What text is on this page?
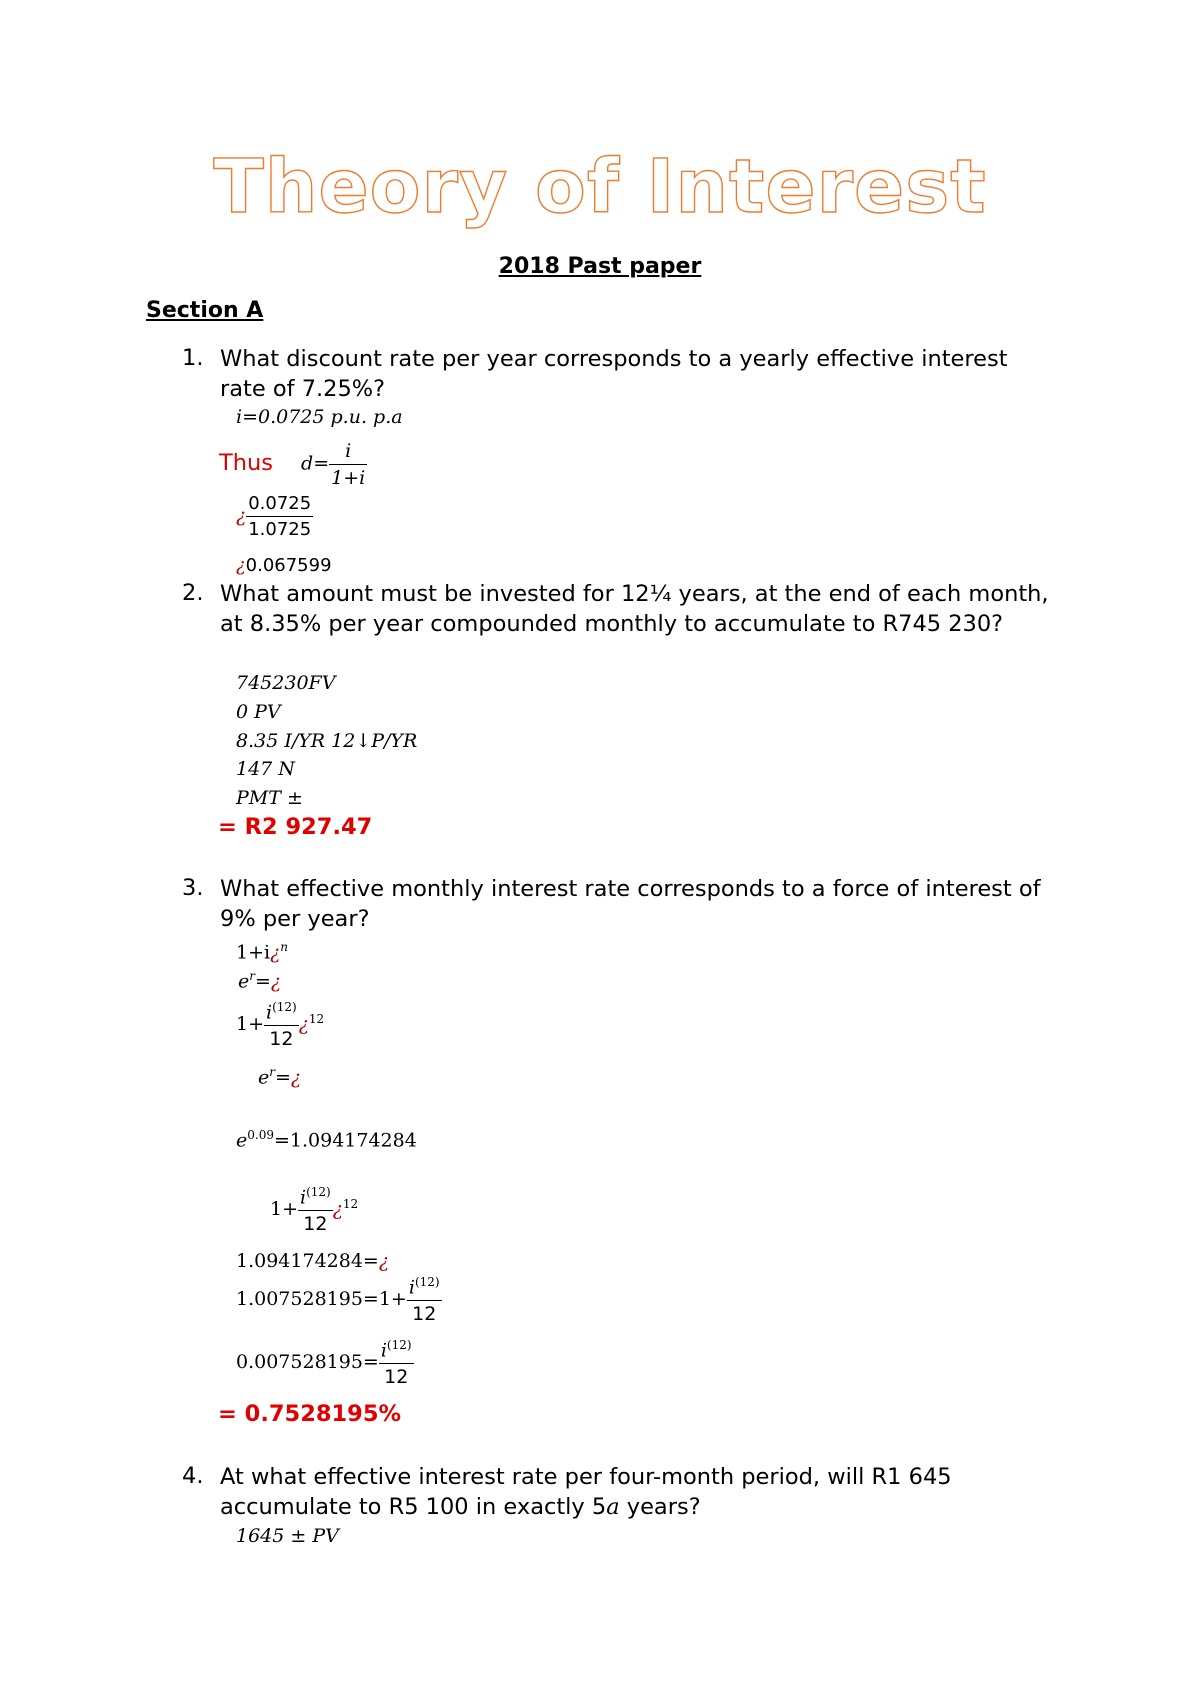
Theory of Interest
2018 Past paper
Section A
1. What discount rate per year corresponds to a yearly effective interest rate of 7.25%?
i=0.0725 p.u. p.a
Thus $d= \frac{i}{1+i}$
¿ $\frac{0.0725}{1.0725}$
¿0.067599
2. What amount must be invested for 12¼ years, at the end of each month, at 8.35% per year compounded monthly to accumulate to R745 230?
745230FV
0 PV
8.35 I/YR 12↓P/YR
147 N
PMT ±
= R2 927.47
3. What effective monthly interest rate corresponds to a force of interest of 9% per year?
1+i¿$^n$
$e^r=¿$
$1+ \frac{i^{(12)}}{12}$ ¿$^{12}$
$e^r=¿$
$e^{0.09}=1.094174284$
$1+ \frac{i^{(12)}}{12}$ ¿$^{12}$
1.094174284=¿
$1.007528195=1+ \frac{i^{(12)}}{12}$
$0.007528195= \frac{i^{(12)}}{12}$
= 0.7528195%
4. At what effective interest rate per four-month period, will R1 645
accumulate to R5 100 in exactly 5a years?
1645 ± PV
